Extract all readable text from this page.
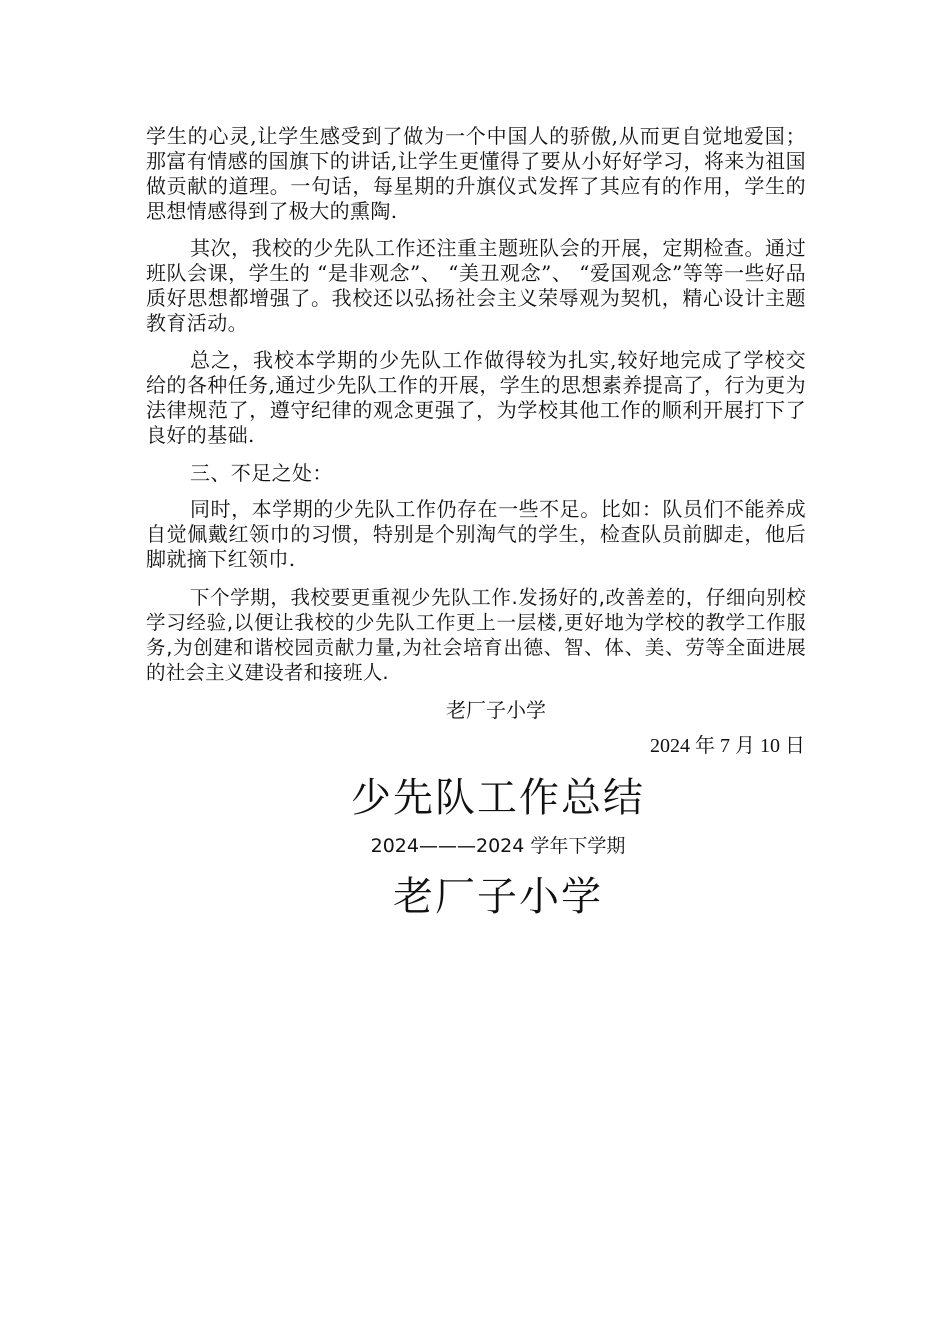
学生的心灵,让学生感受到了做为一个中国人的骄傲,从而更自觉地爱国；那富有情感的国旗下的讲话,让学生更懂得了要从小好好学习，将来为祖国做贡献的道理。一句话，每星期的升旗仪式发挥了其应有的作用，学生的思想情感得到了极大的熏陶.

其次，我校的少先队工作还注重主题班队会的开展，定期检查。通过班队会课，学生的 “是非观念”、 “美丑观念”、 “爱国观念”等等一些好品质好思想都增强了。我校还以弘扬社会主义荣辱观为契机，精心设计主题教育活动。

总之，我校本学期的少先队工作做得较为扎实,较好地完成了学校交给的各种任务,通过少先队工作的开展，学生的思想素养提高了，行为更为法律规范了，遵守纪律的观念更强了，为学校其他工作的顺利开展打下了良好的基础.

三、不足之处：

同时，本学期的少先队工作仍存在一些不足。比如：队员们不能养成自觉佩戴红领巾的习惯，特别是个别淘气的学生，检查队员前脚走，他后脚就摘下红领巾.

下个学期，我校要更重视少先队工作.发扬好的,改善差的，仔细向别校学习经验,以便让我校的少先队工作更上一层楼,更好地为学校的教学工作服务,为创建和谐校园贡献力量,为社会培育出德、智、体、美、劳等全面进展的社会主义建设者和接班人.

老厂子小学

2024 年 7 月 10 日

少先队工作总结

2024———2024 学年下学期

老厂子小学
